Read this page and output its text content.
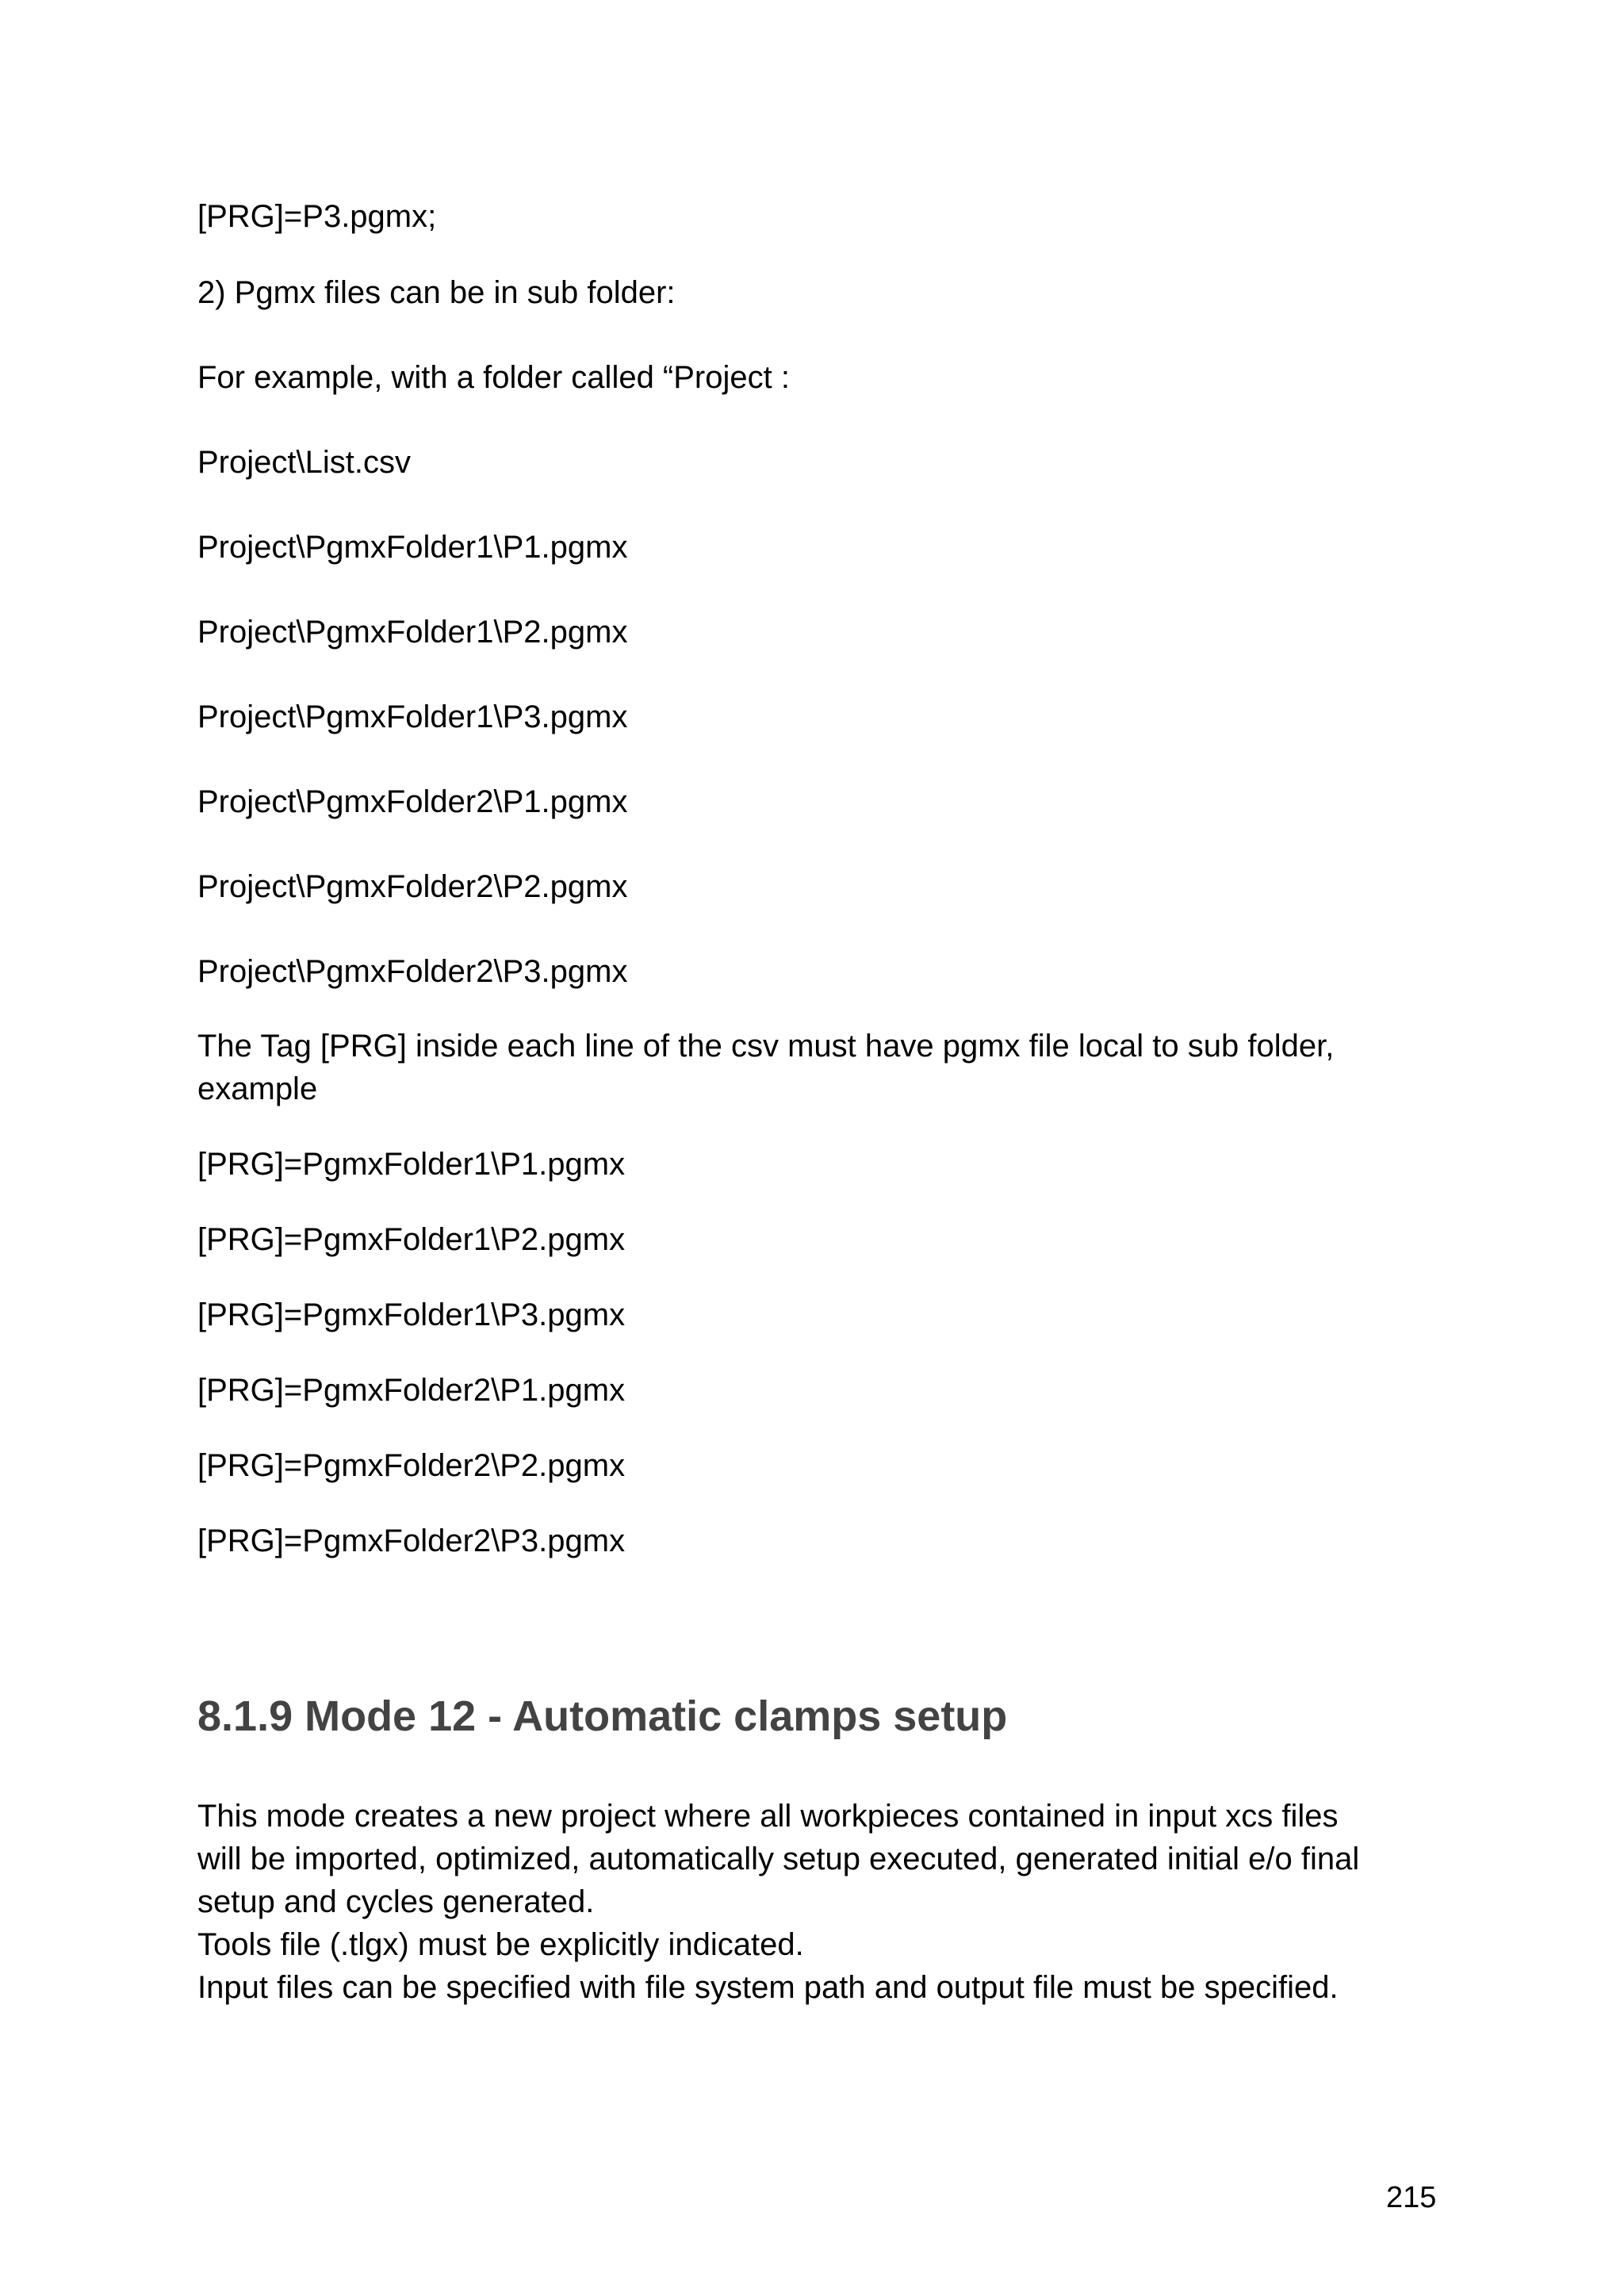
[PRG]=P3.pgmx;
2) Pgmx files can be in sub folder:
For example, with a folder called “Project :
Project\List.csv
Project\PgmxFolder1\P1.pgmx
Project\PgmxFolder1\P2.pgmx
Project\PgmxFolder1\P3.pgmx
Project\PgmxFolder2\P1.pgmx
Project\PgmxFolder2\P2.pgmx
Project\PgmxFolder2\P3.pgmx
The Tag [PRG] inside each line of the csv must have pgmx file local to sub folder,
example
[PRG]=PgmxFolder1\P1.pgmx
[PRG]=PgmxFolder1\P2.pgmx
[PRG]=PgmxFolder1\P3.pgmx
[PRG]=PgmxFolder2\P1.pgmx
[PRG]=PgmxFolder2\P2.pgmx
[PRG]=PgmxFolder2\P3.pgmx
8.1.9 Mode 12 - Automatic clamps setup
This mode creates a new project where all workpieces contained in input xcs files
will be imported, optimized, automatically setup executed, generated initial e/o final
setup and cycles generated.
Tools file (.tlgx) must be explicitly indicated.
Input files can be specified with file system path and output file must be specified.
215
